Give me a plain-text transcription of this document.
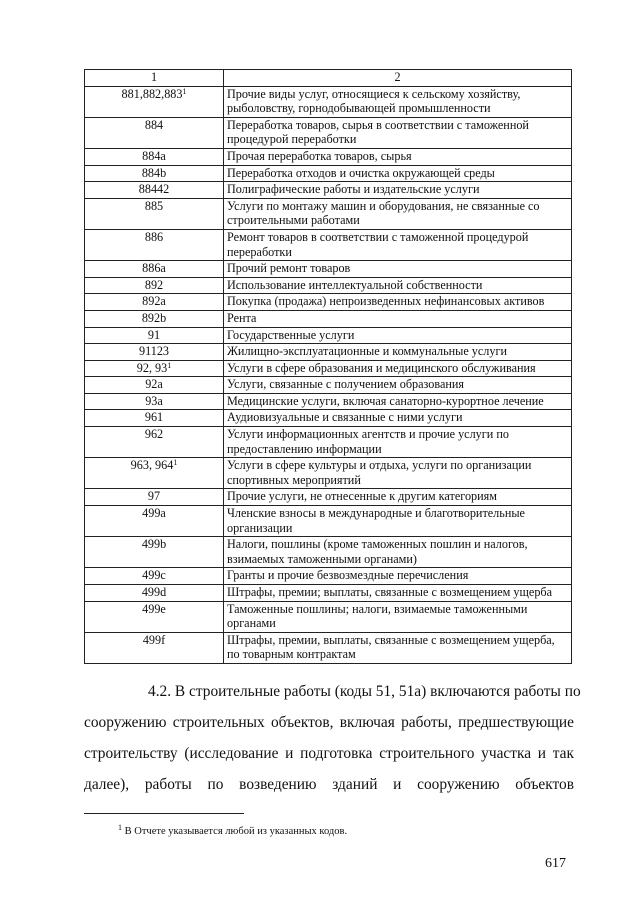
1	2
881,882,883$^1$	Прочие виды услуг, относящиеся к сельскому хозяйству, рыболовству, горнодобывающей промышленности
884	Переработка товаров, сырья в соответствии с таможенной процедурой переработки
884a	Прочая переработка товаров, сырья
884b	Переработка отходов и очистка окружающей среды
88442	Полиграфические работы и издательские услуги
885	Услуги по монтажу машин и оборудования, не связанные со строительными работами
886	Ремонт товаров в соответствии с таможенной процедурой переработки
886a	Прочий ремонт товаров
892	Использование интеллектуальной собственности
892a	Покупка (продажа) непроизведенных нефинансовых активов
892b	Рента
91	Государственные услуги
91123	Жилищно-эксплуатационные и коммунальные услуги
92, $93^1$	Услуги в сфере образования и медицинского обслуживания
92a	Услуги, связанные с получением образования
93a	Медицинские услуги, включая санаторно-курортное лечение
961	Аудиовизуальные и связанные с ними услуги
962	Услуги информационных агентств и прочие услуги по предоставлению информации
963, $964^1$	Услуги в сфере культуры и отдыха, услуги по организации спортивных мероприятий
97	Прочие услуги, не отнесенные к другим категориям
499a	Членские взносы в международные и благотворительные организации
499b	Налоги, пошлины (кроме таможенных пошлин и налогов, взимаемых таможенными органами)
499c	Гранты и прочие безвозмездные перечисления
499d	Штрафы, премии; выплаты, связанные с возмещением ущерба
499e	Таможенные пошлины; налоги, взимаемые таможенными органами
499f	Штрафы, премии, выплаты, связанные с возмещением ущерба, по товарным контрактам
4.2. В строительные работы (коды 51, 51a) включаются работы по
сооружению строительных объектов, включая работы, предшествующие
строительству (исследование и подготовка строительного участка и так
далее), работы по возведению зданий и сооружению объектов
$^1$ В Отчете указывается любой из указанных кодов.
617
